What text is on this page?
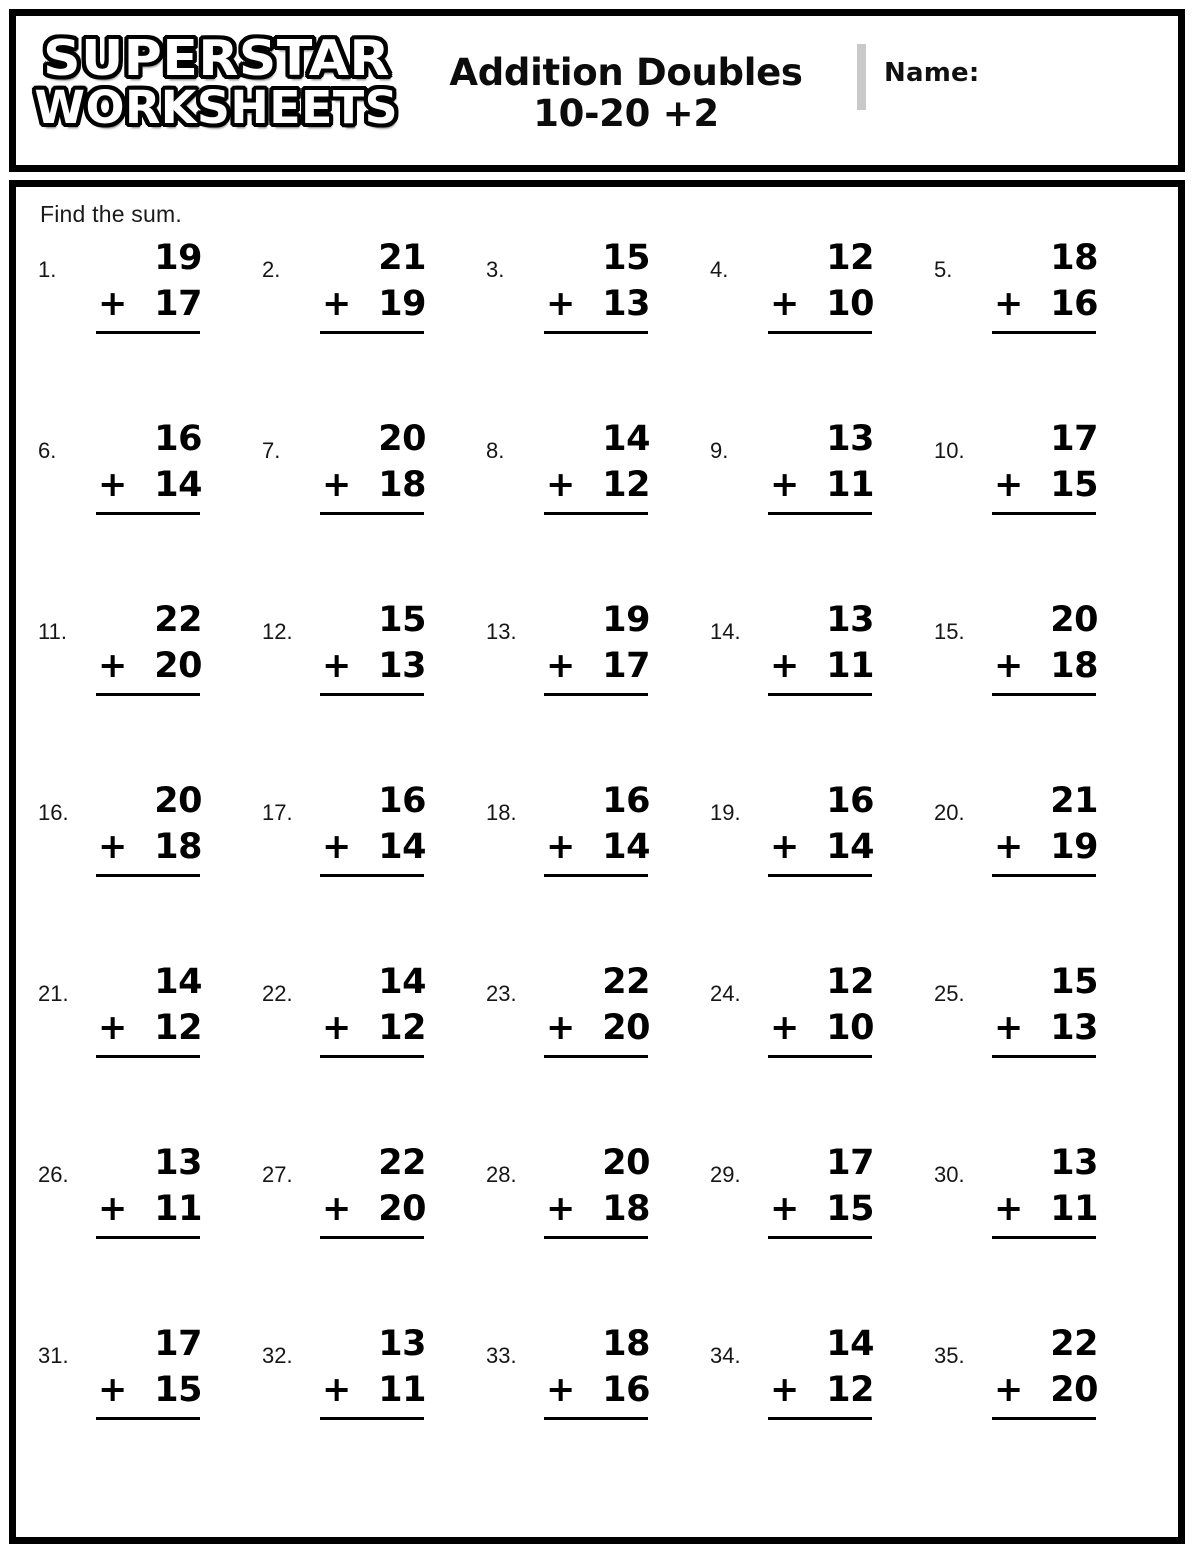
SUPERSTAR
WORKSHEETS
Addition Doubles
10-20 +2
Name:
Find the sum.
1.	19
+ 17
2.	21
+ 19
3.	15
+ 13
4.	12
+ 10
5.	18
+ 16
6.	16
+ 14
7.	20
+ 18
8.	14
+ 12
9.	13
+ 11
10.	17
+ 15
11.	22
+ 20
12.	15
+ 13
13.	19
+ 17
14.	13
+ 11
15.	20
+ 18
16.	20
+ 18
17.	16
+ 14
18.	16
+ 14
19.	16
+ 14
20.	21
+ 19
21.	14
+ 12
22.	14
+ 12
23.	22
+ 20
24.	12
+ 10
25.	15
+ 13
26.	13
+ 11
27.	22
+ 20
28.	20
+ 18
29.	17
+ 15
30.	13
+ 11
31.	17
+ 15
32.	13
+ 11
33.	18
+ 16
34.	14
+ 12
35.	22
+ 20
